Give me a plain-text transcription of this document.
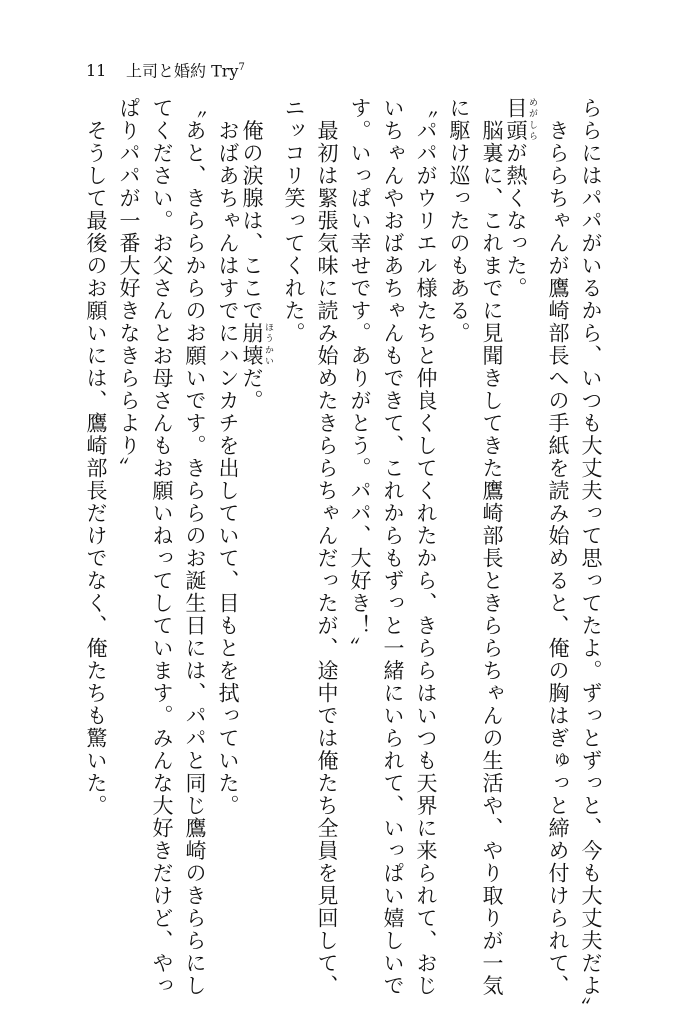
11 上司と婚約 Try$^7$
ららにはパパがいるから、いつも大丈夫って思ってたよ。ずっとずっと、今も大丈夫だよ〟
　きららちゃんが鷹崎部長への手紙を読み始めると、俺の胸はぎゅっと締め付けられて、
目頭 めがしらが熱くなった。
　脳裏に、これまでに見聞きしてきた鷹崎部長ときららちゃんの生活や、やり取りが一気
に駆け巡ったのもある。
〝パパがウリエル様たちと仲良くしてくれたから、きららはいつも天界に来られて、おじ
いちゃんやおばあちゃんもできて、これからもずっと一緒にいられて、いっぱい嬉しいで
す。いっぱい幸せです。ありがとう。パパ、大好き！〟
　最初は緊張気味に読み始めたきららちゃんだったが、途中では俺たち全員を見回して、
ニッコリ笑ってくれた。
　俺の涙腺は、ここで崩壊 ほうかいだ。
　おばあちゃんはすでにハンカチを出していて、目もとを拭っていた。
〝あと、きららからのお願いです。きららのお誕生日には、パパと同じ鷹崎のきららにし
てください。お父さんとお母さんもお願いねってしています。みんな大好きだけど、やっ
ぱりパパが一番大好きなきららより〟
　そうして最後のお願いには、鷹崎部長だけでなく、俺たちも驚いた。
